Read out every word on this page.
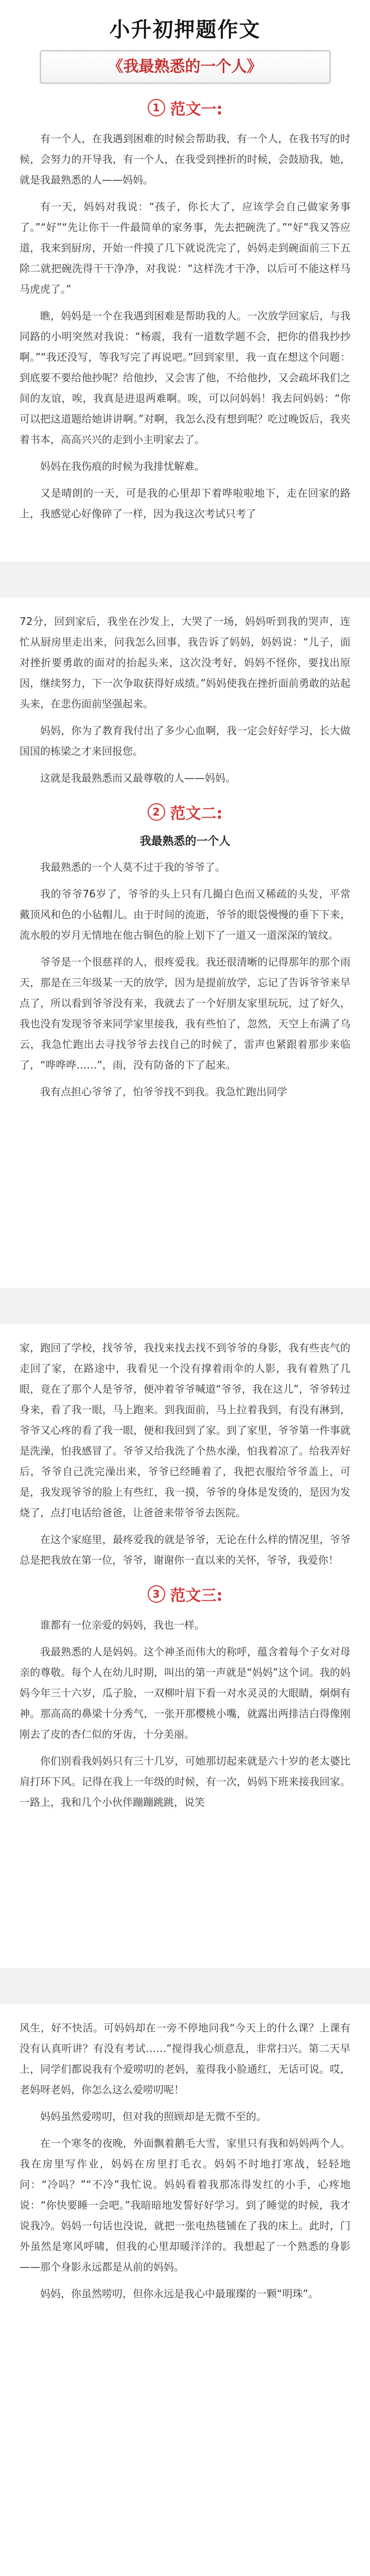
小升初押题作文
《我最熟悉的一个人》
1 范文一:

有一个人，在我遇到困难的时候会帮助我，有一个人，在我书写的时候，会努力的开导我，有一个人，在我受到挫折的时候，会鼓励我，她，就是我最熟悉的人——妈妈。

有一天，妈妈对我说：“孩子，你长大了，应该学会自己做家务事了。”“好”“先让你干一件最简单的家务事，先去把碗洗了。”“好”我又答应道，我来到厨房，开始一件摸了几下就说洗完了，妈妈走到碗面前三下五除二就把碗洗得干干净净，对我说：“这样洗才干净，以后可不能这样马马虎虎了。”

瞧，妈妈是一个在我遇到困难是帮助我的人。一次放学回家后，与我同路的小明突然对我说：“杨震，我有一道数学题不会，把你的借我抄抄啊。”“我还没写，等我写完了再说吧。”回到家里，我一直在想这个问题：到底要不要给他抄呢？给他抄，又会害了他，不给他抄，又会疏坏我们之间的友谊，唉，我真是进退两难啊。唉，可以问妈妈！我去问妈妈：“你可以把这道题给她讲讲啊。”对啊，我怎么没有想到呢？吃过晚饭后，我夹着书本，高高兴兴的走到小主明家去了。

妈妈在我伤痕的时候为我排忧解难。

又是晴朗的一天，可是我的心里却下着哗啦啦地下，走在回家的路上，我感觉心好像碎了一样，因为我这次考试只考了

72分，回到家后，我坐在沙发上，大哭了一场，妈妈听到我的哭声，连忙从厨房里走出来，问我怎么回事，我告诉了妈妈，妈妈说：“儿子，面对挫折要勇敢的面对的抬起头来，这次没考好，妈妈不怪你，要找出原因，继续努力，下一次争取获得好成绩。”妈妈使我在挫折面前勇敢的站起头来，在悲伤面前坚强起来。

妈妈，你为了教育我付出了多少心血啊，我一定会好好学习，长大做国国的栋梁之才来回报您。

这就是我最熟悉而又最尊敬的人——妈妈。

2 范文二:
我最熟悉的一个人

我最熟悉的一个人莫不过于我的爷爷了。

我的爷爷76岁了，爷爷的头上只有几撮白色而又稀疏的头发，平常戴顶风和色的小毡帽儿。由于时间的流逝，爷爷的眼袋慢慢的垂下下来，流水般的岁月无情地在他古铜色的脸上划下了一道又一道深深的皱纹。

爷爷是一个很慈祥的人，很疼爱我。我还很清晰的记得那年的那个雨天，那是在三年级某一天的放学，因为是提前放学，忘记了告诉爷爷来早点了，所以看到爷爷没有来，我就去了一个好朋友家里玩玩，过了好久，我也没有发现爷爷来同学家里接我，我有些怕了，忽然，天空上布满了乌云，我急忙跑出去寻找爷爷去找自己的时候了，雷声也紧跟着那步来临了，“哗哗哗……”，雨，没有防备的下了起来。

我有点担心爷爷了，怕爷爷找不到我。我急忙跑出同学

家，跑回了学校，找爷爷，我找来找去找不到爷爷的身影，我有些丧气的走回了家，在路途中，我看见一个没有撑着雨伞的人影，我有着熟了几眼，竟在了那个人是爷爷，便冲着爷爷喊道“爷爷，我在这儿”，爷爷转过身来，看了我一眼，马上跑来。到我面前，马上拉着我到，有没有淋到，爷爷又心疼的看了我一眼，便和我回到了家。到了家里，爷爷第一件事就是洗澡，怕我感冒了。爷爷又给我洗了个热水澡，怕我着凉了。给我弄好后，爷爷自己洗完澡出来，爷爷已经睡着了，我把衣服给爷爷盖上，可是，我发现爷爷的脸上有些红，我一摸，爷爷的身体是发烫的，是因为发烧了，点打电话给爸爸，让爸爸来带爷爷去医院。

在这个家庭里，最疼爱我的就是爷爷，无论在什么样的情况里，爷爷总是把我放在第一位，爷爷，谢谢你一直以来的关怀，爷爷，我爱你！

3 范文三:

谁都有一位亲爱的妈妈，我也一样。

我最熟悉的人是妈妈。这个神圣而伟大的称呼，蕴含着每个子女对母亲的尊敬。每个人在幼儿时期，叫出的第一声就是“妈妈”这个词。我的妈妈今年三十六岁，瓜子脸，一双柳叶眉下看一对水灵灵的大眼睛，炯炯有神。那高高的鼻梁十分秀气，一张开那樱桃小嘴，就露出两排洁白得像刚刚去了皮的杏仁似的牙齿，十分美丽。

你们别看我妈妈只有三十几岁，可她那切起来就是六十岁的老太婆比肩打环下风。记得在我上一年级的时候，有一次，妈妈下班来接我回家。一路上，我和几个小伙伴蹦蹦跳跳，说笑

风生，好不快活。可妈妈却在一旁不停地问我“今天上的什么课？上课有没有认真听讲？有没有考试……”搅得我心烦意乱，非常扫兴。第二天早上，同学们都说我有个爱唠叨的老妈，羞得我小脸通红，无话可说。哎，老妈呀老妈，你怎么这么爱唠叨呢！

妈妈虽然爱唠叨，但对我的照顾却是无微不至的。

在一个寒冬的夜晚，外面飘着鹅毛大雪，家里只有我和妈妈两个人。我在房里写作业，妈妈在房里打毛衣。妈妈不时地打寒战，轻轻地问：“冷吗？”“不冷”我忙说。妈妈看着我那冻得发红的小手，心疼地说：“你快要睡一会吧。”我暗暗地发誓好好学习。到了睡觉的时候，我才说我冷。妈妈一句话也没说，就把一张电热毯铺在了我的床上。此时，门外虽然是寒风呼啸，但我的心里却暖洋洋的。我想起了一个熟悉的身影——那个身影永远都是从前的妈妈。

妈妈，你虽然唠叨，但你永远是我心中最璀璨的一颗“明珠”。
